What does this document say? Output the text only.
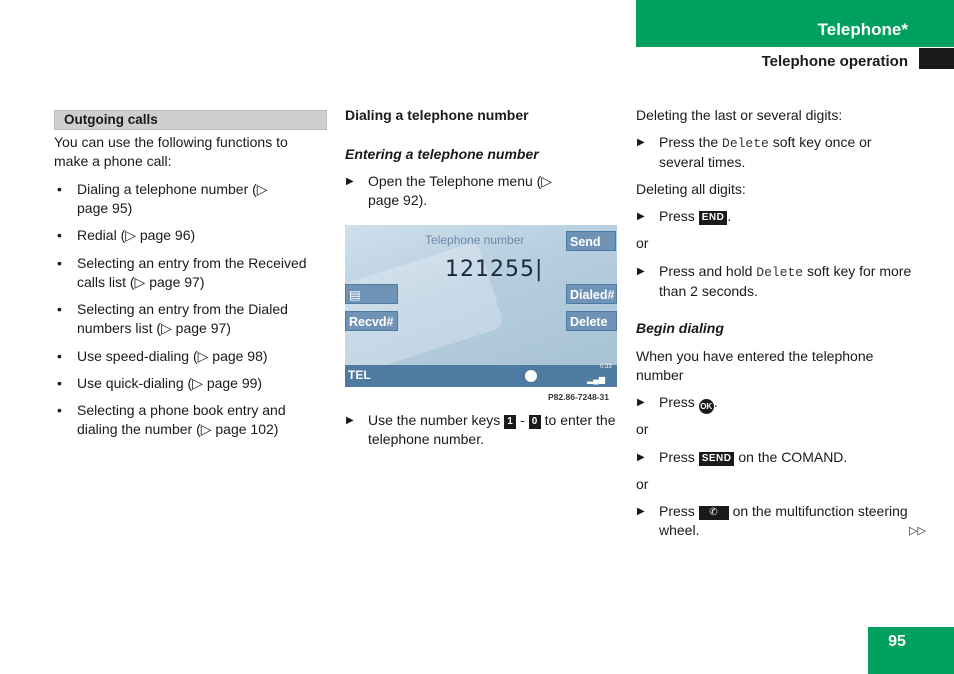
Telephone*
Telephone operation
Outgoing calls
You can use the following functions to make a phone call:
• Dialing a telephone number (▷ page 95)
• Redial (▷ page 96)
• Selecting an entry from the Received calls list (▷ page 97)
• Selecting an entry from the Dialed numbers list (▷ page 97)
• Use speed-dialing (▷ page 98)
• Use quick-dialing (▷ page 99)
• Selecting a phone book entry and dialing the number (▷ page 102)
Dialing a telephone number
Entering a telephone number
▶ Open the Telephone menu (▷ page 92).
Telephone number	Send
121255|
▤	Dialed#
Recvd#	Delete
TEL
0:33
▂▄▆
P82.86-7248-31
▶ Use the number keys 1 - 0 to enter the telephone number.
Deleting the last or several digits:
▶ Press the Delete soft key once or several times.
Deleting all digits:
▶ Press END .
or
▶ Press and hold Delete soft key for more than 2 seconds.
Begin dialing
When you have entered the telephone number
▶ Press OK .
or
▶ Press SEND on the COMAND.
or
▶ Press ✆ on the multifunction steering wheel.	▷▷
95
